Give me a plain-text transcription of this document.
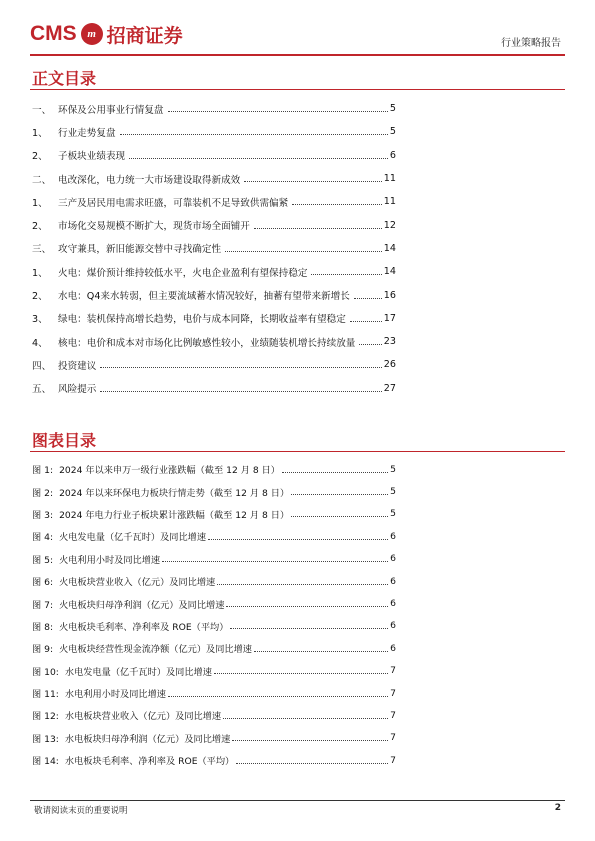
CMS m 招商证券	行业策略报告
正文目录
一、 环保及公用事业行情复盘	5
1、	行业走势复盘	5
2、	子板块业绩表现	6
二、 电改深化，电力统一大市场建设取得新成效	11
1、	三产及居民用电需求旺盛，可靠装机不足导致供需偏紧	11
2、	市场化交易规模不断扩大，现货市场全面铺开	12
三、 攻守兼具，新旧能源交替中寻找确定性	14
1、	火电：煤价预计维持较低水平，火电企业盈利有望保持稳定	14
2、	水电：Q4来水转弱，但主要流域蓄水情况较好，抽蓄有望带来新增长	16
3、	绿电：装机保持高增长趋势，电价与成本同降，长期收益率有望稳定	17
4、	核电：电价和成本对市场化比例敏感性较小，业绩随装机增长持续放量	23
四、 投资建议	26
五、 风险提示	27
图表目录
图 1: 2024 年以来申万一级行业涨跌幅（截至 12 月 8 日）	5
图 2: 2024 年以来环保电力板块行情走势（截至 12 月 8 日）	5
图 3: 2024 年电力行业子板块累计涨跌幅（截至 12 月 8 日）	5
图 4: 火电发电量（亿千瓦时）及同比增速	6
图 5: 火电利用小时及同比增速	6
图 6: 火电板块营业收入（亿元）及同比增速	6
图 7: 火电板块归母净利润（亿元）及同比增速	6
图 8: 火电板块毛利率、净利率及 ROE（平均）	6
图 9: 火电板块经营性现金流净额（亿元）及同比增速	6
图 10: 水电发电量（亿千瓦时）及同比增速	7
图 11: 水电利用小时及同比增速	7
图 12: 水电板块营业收入（亿元）及同比增速	7
图 13: 水电板块归母净利润（亿元）及同比增速	7
图 14: 水电板块毛利率、净利率及 ROE（平均）	7
敬请阅读末页的重要说明	2
